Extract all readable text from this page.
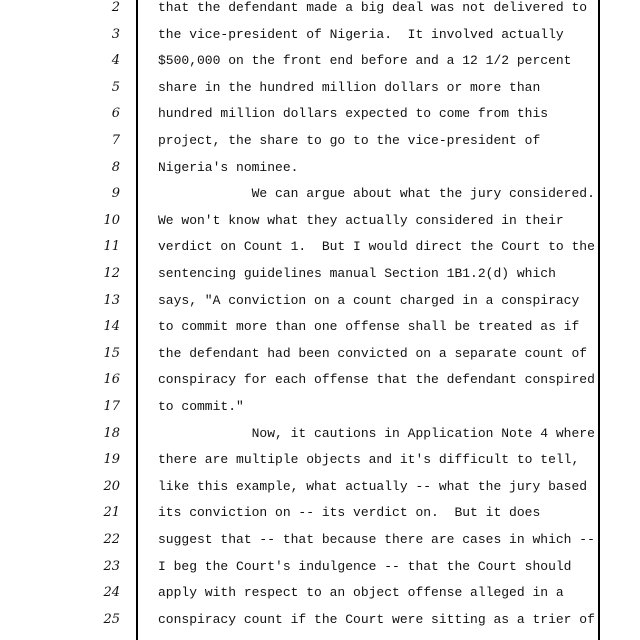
2	that the defendant made a big deal was not delivered to
3	the vice-president of Nigeria.  It involved actually
4	$500,000 on the front end before and a 12 1/2 percent
5	share in the hundred million dollars or more than
6	hundred million dollars expected to come from this
7	project, the share to go to the vice-president of
8	Nigeria's nominee.
9	We can argue about what the jury considered.
10	We won't know what they actually considered in their
11	verdict on Count 1.  But I would direct the Court to the
12	sentencing guidelines manual Section 1B1.2(d) which
13	says, "A conviction on a count charged in a conspiracy
14	to commit more than one offense shall be treated as if
15	the defendant had been convicted on a separate count of
16	conspiracy for each offense that the defendant conspired
17	to commit."
18	Now, it cautions in Application Note 4 where
19	there are multiple objects and it's difficult to tell,
20	like this example, what actually -- what the jury based
21	its conviction on -- its verdict on.  But it does
22	suggest that -- that because there are cases in which --
23	I beg the Court's indulgence -- that the Court should
24	apply with respect to an object offense alleged in a
25	conspiracy count if the Court were sitting as a trier of
